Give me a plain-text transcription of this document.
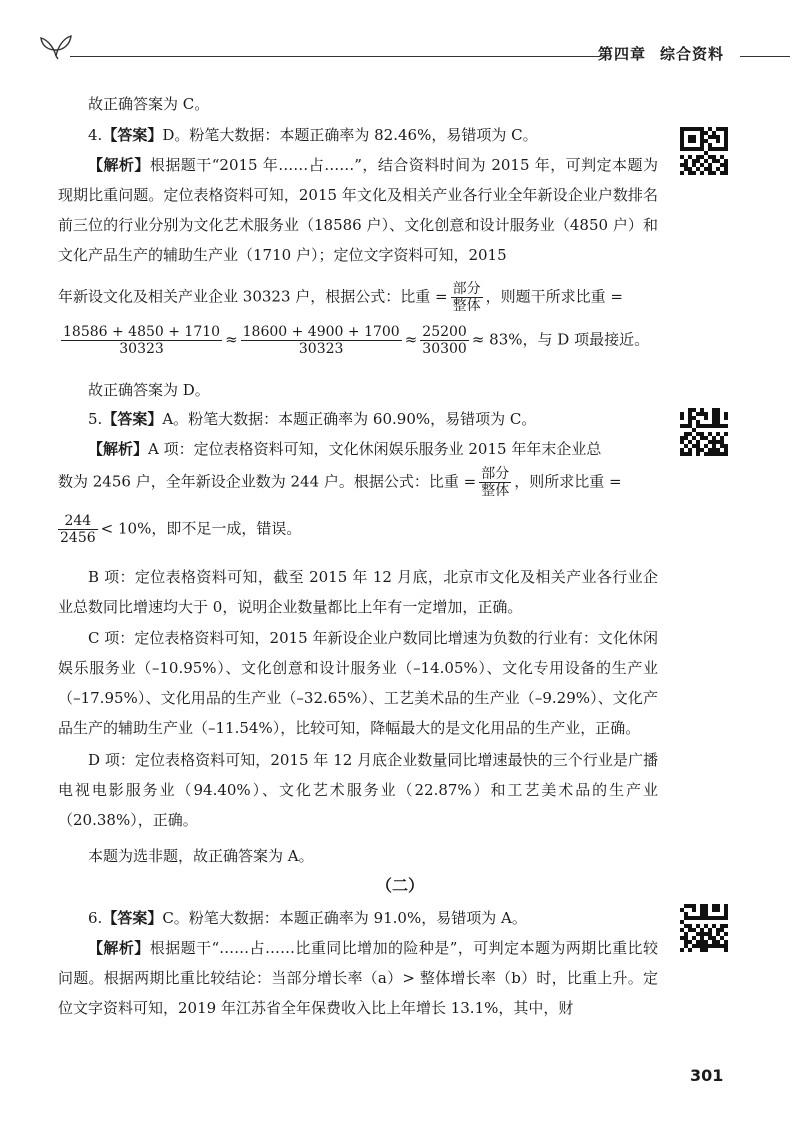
第四章 综合资料
故正确答案为 C。
4.【答案】D。粉笔大数据：本题正确率为 82.46%，易错项为 C。
【解析】根据题干“2015 年……占……”，结合资料时间为 2015 年，可判定本题为现期比重问题。定位表格资料可知，2015 年文化及相关产业各行业全年新设企业户数排名前三位的行业分别为文化艺术服务业（18586 户）、文化创意和设计服务业（4850 户）和文化产品生产的辅助生产业（1710 户）；定位文字资料可知，2015
年新设文化及相关产业企业 30323 户，根据公式：比重 = $\frac{\text{部分}}{\text{整体}}$ ，则题干所求比重 =
$\frac{18586 + 4850 + 1710}{30323} \approx \frac{18600 + 4900 + 1700}{30323} \approx \frac{25200}{30300} \approx 83\%$，与 D 项最接近。
故正确答案为 D。
5.【答案】A。粉笔大数据：本题正确率为 60.90%，易错项为 C。
【解析】A 项：定位表格资料可知，文化休闲娱乐服务业 2015 年年末企业总
数为 2456 户，全年新设企业数为 244 户。根据公式：比重 = $\frac{\text{部分}}{\text{整体}}$ ，则所求比重 =
$\frac{244}{2456} < 10\%$，即不足一成，错误。
B 项：定位表格资料可知，截至 2015 年 12 月底，北京市文化及相关产业各行业企业总数同比增速均大于 0，说明企业数量都比上年有一定增加，正确。
C 项：定位表格资料可知，2015 年新设企业户数同比增速为负数的行业有：文化休闲娱乐服务业（–10.95%）、文化创意和设计服务业（–14.05%）、文化专用设备的生产业（–17.95%）、文化用品的生产业（–32.65%）、工艺美术品的生产业（–9.29%）、文化产品生产的辅助生产业（–11.54%），比较可知，降幅最大的是文化用品的生产业，正确。
D 项：定位表格资料可知，2015 年 12 月底企业数量同比增速最快的三个行业是广播电视电影服务业（94.40%）、文化艺术服务业（22.87%）和工艺美术品的生产业（20.38%），正确。
本题为选非题，故正确答案为 A。
（二）
6.【答案】C。粉笔大数据：本题正确率为 91.0%，易错项为 A。
【解析】根据题干“……占……比重同比增加的险种是”，可判定本题为两期比重比较问题。根据两期比重比较结论：当部分增长率（a）> 整体增长率（b）时，比重上升。定位文字资料可知，2019 年江苏省全年保费收入比上年增长 13.1%，其中，财
301
